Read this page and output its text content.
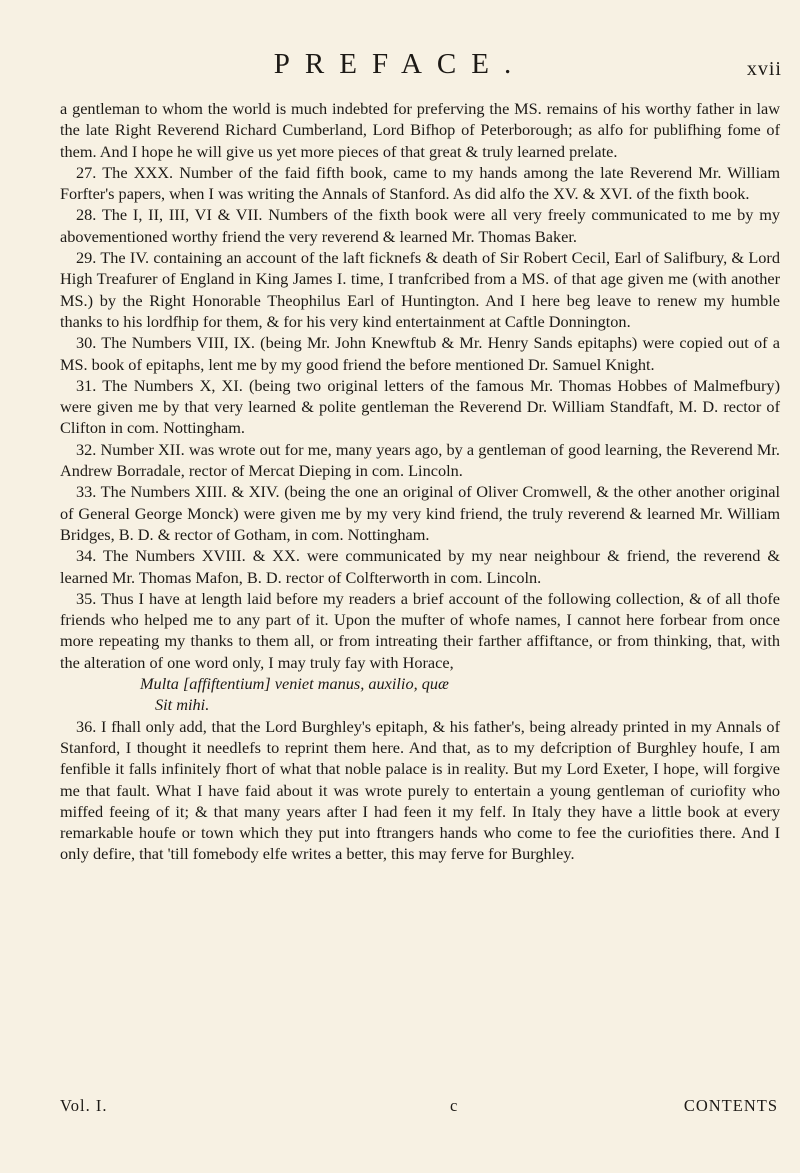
PREFACE.	xvii

a gentleman to whom the world is much indebted for preferving the MS. remains of his worthy father in law the late Right Reverend Richard Cumberland, Lord Bifhop of Peterborough; as alfo for publifhing fome of them. And I hope he will give us yet more pieces of that great & truly learned prelate.

27. The XXX. Number of the faid fifth book, came to my hands among the late Reverend Mr. William Forfter's papers, when I was writing the Annals of Stanford. As did alfo the XV. & XVI. of the fixth book.

28. The I, II, III, VI & VII. Numbers of the fixth book were all very freely communicated to me by my abovementioned worthy friend the very reverend & learned Mr. Thomas Baker.

29. The IV. containing an account of the laft ficknefs & death of Sir Robert Cecil, Earl of Salifbury, & Lord High Treafurer of England in King James I. time, I tranfcribed from a MS. of that age given me (with another MS.) by the Right Honorable Theophilus Earl of Huntington. And I here beg leave to renew my humble thanks to his lordfhip for them, & for his very kind entertainment at Caftle Donnington.

30. The Numbers VIII, IX. (being Mr. John Knewftub & Mr. Henry Sands epitaphs) were copied out of a MS. book of epitaphs, lent me by my good friend the before mentioned Dr. Samuel Knight.

31. The Numbers X, XI. (being two original letters of the famous Mr. Thomas Hobbes of Malmefbury) were given me by that very learned & polite gentleman the Reverend Dr. William Standfaft, M. D. rector of Clifton in com. Nottingham.

32. Number XII. was wrote out for me, many years ago, by a gentleman of good learning, the Reverend Mr. Andrew Borradale, rector of Mercat Dieping in com. Lincoln.

33. The Numbers XIII. & XIV. (being the one an original of Oliver Cromwell, & the other another original of General George Monck) were given me by my very kind friend, the truly reverend & learned Mr. William Bridges, B. D. & rector of Gotham, in com. Nottingham.

34. The Numbers XVIII. & XX. were communicated by my near neighbour & friend, the reverend & learned Mr. Thomas Mafon, B. D. rector of Colfterworth in com. Lincoln.

35. Thus I have at length laid before my readers a brief account of the following collection, & of all thofe friends who helped me to any part of it. Upon the mufter of whofe names, I cannot here forbear from once more repeating my thanks to them all, or from intreating their farther affiftance, or from thinking, that, with the alteration of one word only, I may truly fay with Horace,

Multa [affiftentium] veniet manus, auxilio, quæ

Sit mihi.

36. I fhall only add, that the Lord Burghley's epitaph, & his father's, being already printed in my Annals of Stanford, I thought it needlefs to reprint them here. And that, as to my defcription of Burghley houfe, I am fenfible it falls infinitely fhort of what that noble palace is in reality. But my Lord Exeter, I hope, will forgive me that fault. What I have faid about it was wrote purely to entertain a young gentleman of curiofity who miffed feeing of it; & that many years after I had feen it my felf. In Italy they have a little book at every remarkable houfe or town which they put into ftrangers hands who come to fee the curiofities there. And I only defire, that 'till fomebody elfe writes a better, this may ferve for Burghley.

Vol. I.	c	CONTENTS
